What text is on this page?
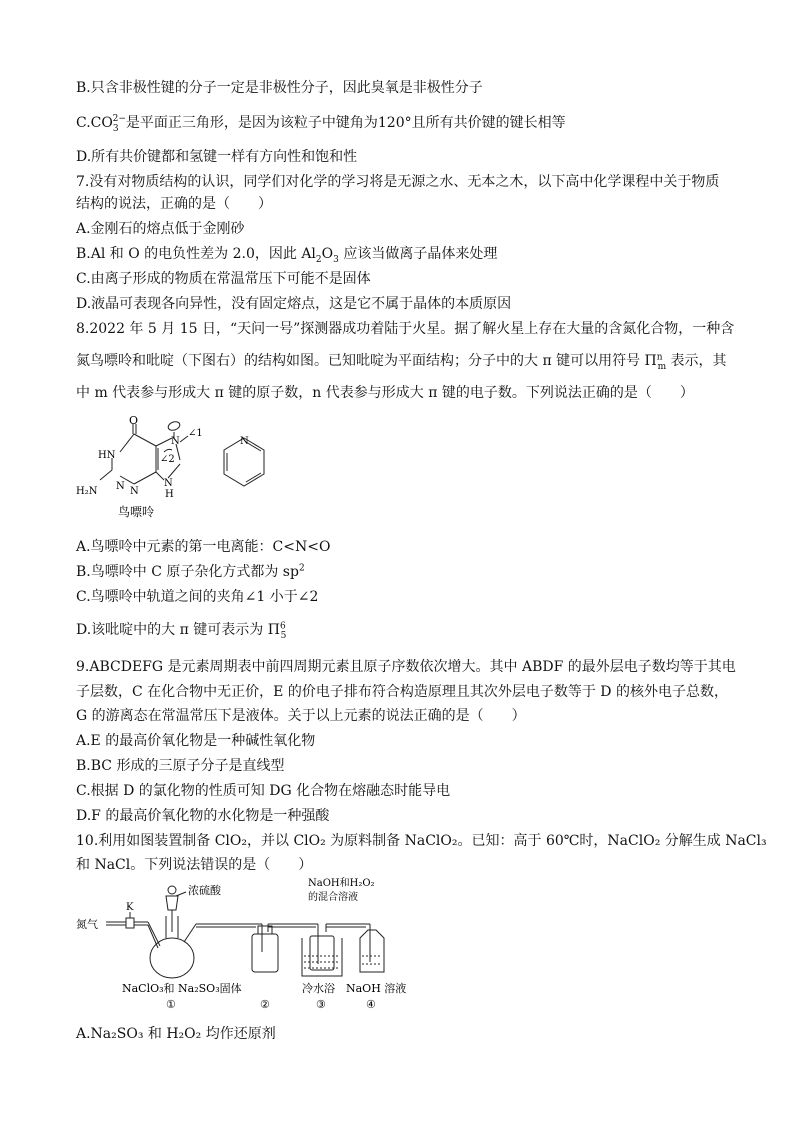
B.只含非极性键的分子一定是非极性分子，因此臭氧是非极性分子
$C.CO_3^{2-}$是平面正三角形，是因为该粒子中键角为120°且所有共价键的键长相等
D.所有共价键都和氢键一样有方向性和饱和性
7.没有对物质结构的认识，同学们对化学的学习将是无源之水、无本之木，以下高中化学课程中关于物质
结构的说法，正确的是（　　）
A.金刚石的熔点低于金刚砂
B.Al 和 O 的电负性差为 2.0，因此 $Al_2O_3$ 应该当做离子晶体来处理
C.由离子形成的物质在常温常压下可能不是固体
D.液晶可表现各向异性，没有固定熔点，这是它不属于晶体的本质原因
8.2022 年 5 月 15 日，“天问一号”探测器成功着陆于火星。据了解火星上存在大量的含氮化合物，一种含
氮鸟嘌呤和吡啶（下图右）的结构如图。已知吡啶为平面结构；分子中的大 π 键可以用符号 $\Pi^n_m$ 表示，其
中 m 代表参与形成大 π 键的原子数，n 代表参与形成大 π 键的电子数。下列说法正确的是（　　）
O
HN
N
H₂N	N
N
N
H
∠1
∠2
N
鸟嘌呤
A.鸟嘌呤中元素的第一电离能：C<N<O
B.鸟嘌呤中 C 原子杂化方式都为 $sp^2$
C.鸟嘌呤中轨道之间的夹角∠1 小于∠2
D.该吡啶中的大 π 键可表示为 $\Pi^6_5$
9.ABCDEFG 是元素周期表中前四周期元素且原子序数依次增大。其中 ABDF 的最外层电子数均等于其电
子层数，C 在化合物中无正价，E 的价电子排布符合构造原理且其次外层电子数等于 D 的核外电子总数，
G 的游离态在常温常压下是液体。关于以上元素的说法正确的是（　　）
A.E 的最高价氧化物是一种碱性氧化物
B.BC 形成的三原子分子是直线型
C.根据 D 的氯化物的性质可知 DG 化合物在熔融态时能导电
D.F 的最高价氧化物的水化物是一种强酸
10.利用如图装置制备 ClO₂，并以 ClO₂ 为原料制备 NaClO₂。已知：高于 60℃时，NaClO₂ 分解生成 NaCl₃
和 NaCl。下列说法错误的是（　　）
氮气
K
浓硫酸
NaOH和H₂O₂
的混合溶液
NaClO₃和 Na₂SO₃固体	冷水浴 NaOH 溶液
①	②	③	④
A.Na₂SO₃ 和 H₂O₂ 均作还原剂
